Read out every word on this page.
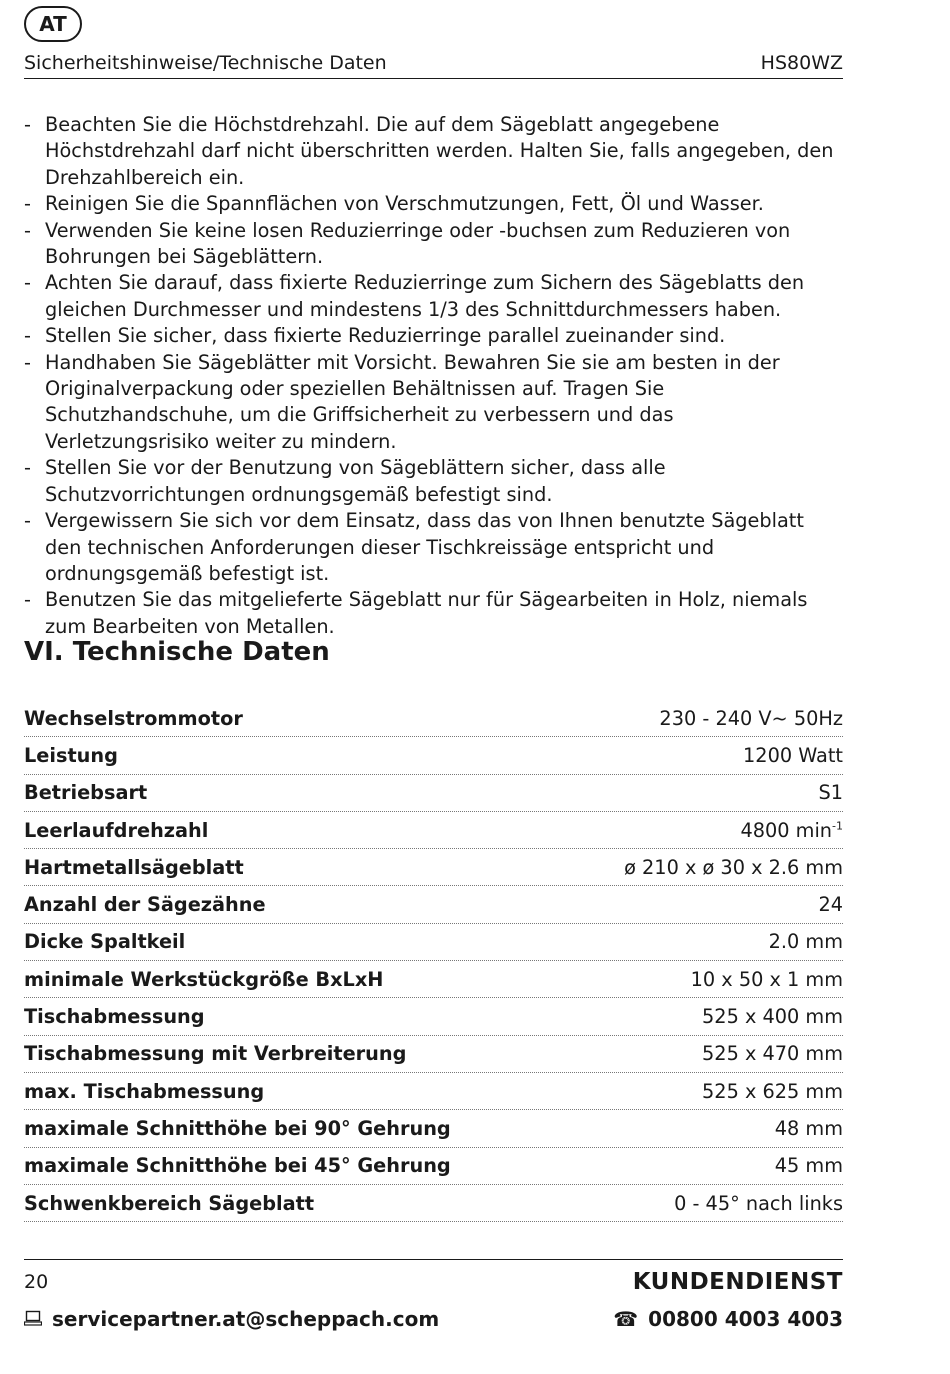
AT
Sicherheitshinweise/Technische Daten	HS80WZ
- Beachten Sie die Höchstdrehzahl. Die auf dem Sägeblatt angegebene Höchstdrehzahl darf nicht überschritten werden. Halten Sie, falls angegeben, den Drehzahlbereich ein.
- Reinigen Sie die Spannflächen von Verschmutzungen, Fett, Öl und Wasser.
- Verwenden Sie keine losen Reduzierringe oder -buchsen zum Reduzieren von Bohrungen bei Sägeblättern.
- Achten Sie darauf, dass fixierte Reduzierringe zum Sichern des Sägeblatts den gleichen Durchmesser und mindestens 1/3 des Schnittdurchmessers haben.
- Stellen Sie sicher, dass fixierte Reduzierringe parallel zueinander sind.
- Handhaben Sie Sägeblätter mit Vorsicht. Bewahren Sie sie am besten in der Originalverpackung oder speziellen Behältnissen auf. Tragen Sie Schutzhandschuhe, um die Griffsicherheit zu verbessern und das Verletzungsrisiko weiter zu mindern.
- Stellen Sie vor der Benutzung von Sägeblättern sicher, dass alle Schutzvorrichtungen ordnungsgemäß befestigt sind.
- Vergewissern Sie sich vor dem Einsatz, dass das von Ihnen benutzte Sägeblatt den technischen Anforderungen dieser Tischkreissäge entspricht und ordnungsgemäß befestigt ist.
- Benutzen Sie das mitgelieferte Sägeblatt nur für Sägearbeiten in Holz, niemals zum Bearbeiten von Metallen.
VI. Technische Daten
Wechselstrommotor	230 - 240 V~ 50Hz
Leistung	1200 Watt
Betriebsart	S1
Leerlaufdrehzahl	4800 $\min^{-1}$
Hartmetallsägeblatt	ø 210 x ø 30 x 2.6 mm
Anzahl der Sägezähne	24
Dicke Spaltkeil	2.0 mm
minimale Werkstückgröße BxLxH	10 x 50 x 1 mm
Tischabmessung	525 x 400 mm
Tischabmessung mit Verbreiterung	525 x 470 mm
max. Tischabmessung	525 x 625 mm
maximale Schnitthöhe bei 90° Gehrung	48 mm
maximale Schnitthöhe bei 45° Gehrung	45 mm
Schwenkbereich Sägeblatt	0 - 45° nach links
20	KUNDENDIENST
servicepartner.at@scheppach.com	☎ 00800 4003 4003
